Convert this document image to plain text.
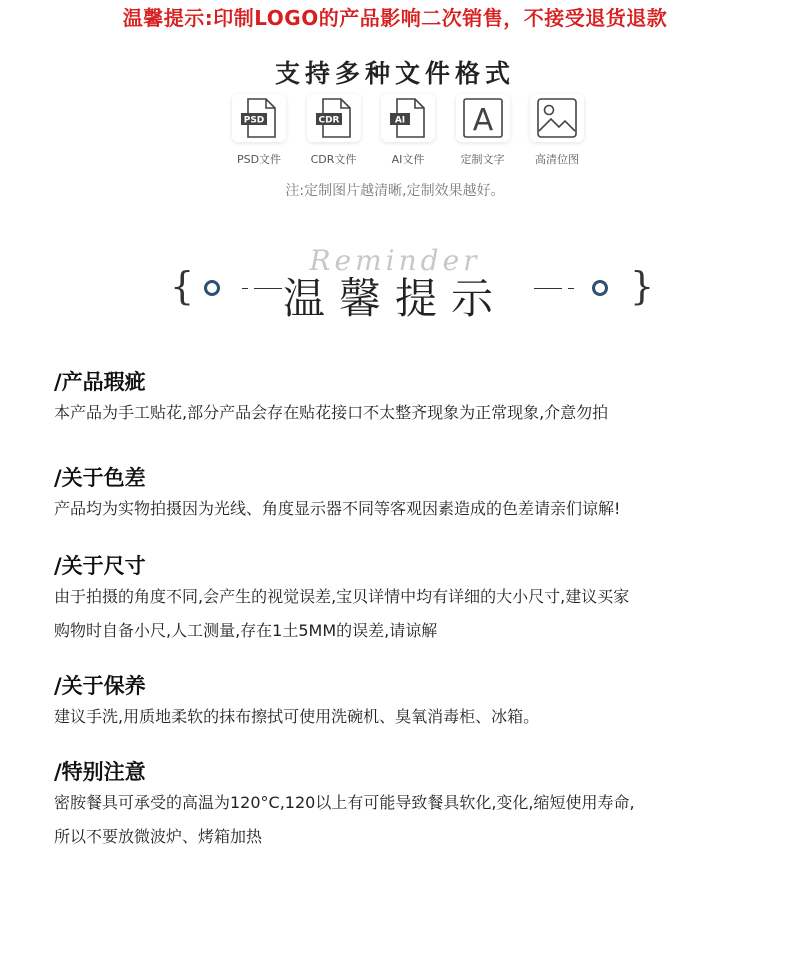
温馨提示:印制LOGO的产品影响二次销售，不接受退货退款
支持多种文件格式
PSD
PSD文件
CDR
CDR文件
AI
AI文件
A
定制文字	高清位图
注:定制图片越清晰,定制效果越好。
Reminder
{	温馨提示	}
/产品瑕疵

本产品为手工贴花,部分产品会存在贴花接口不太整齐现象为正常现象,介意勿拍

/关于色差

产品均为实物拍摄因为光线、角度显示器不同等客观因素造成的色差请亲们谅解!

/关于尺寸

由于拍摄的角度不同,会产生的视觉误差,宝贝详情中均有详细的大小尺寸,建议买家

购物时自备小尺,人工测量,存在1土5MM的误差,请谅解

/关于保养

建议手洗,用质地柔软的抹布擦拭可使用洗碗机、臭氧消毒柜、冰箱。

/特别注意

密胺餐具可承受的高温为120°C,120以上有可能导致餐具软化,变化,缩短使用寿命,

所以不要放微波炉、烤箱加热
